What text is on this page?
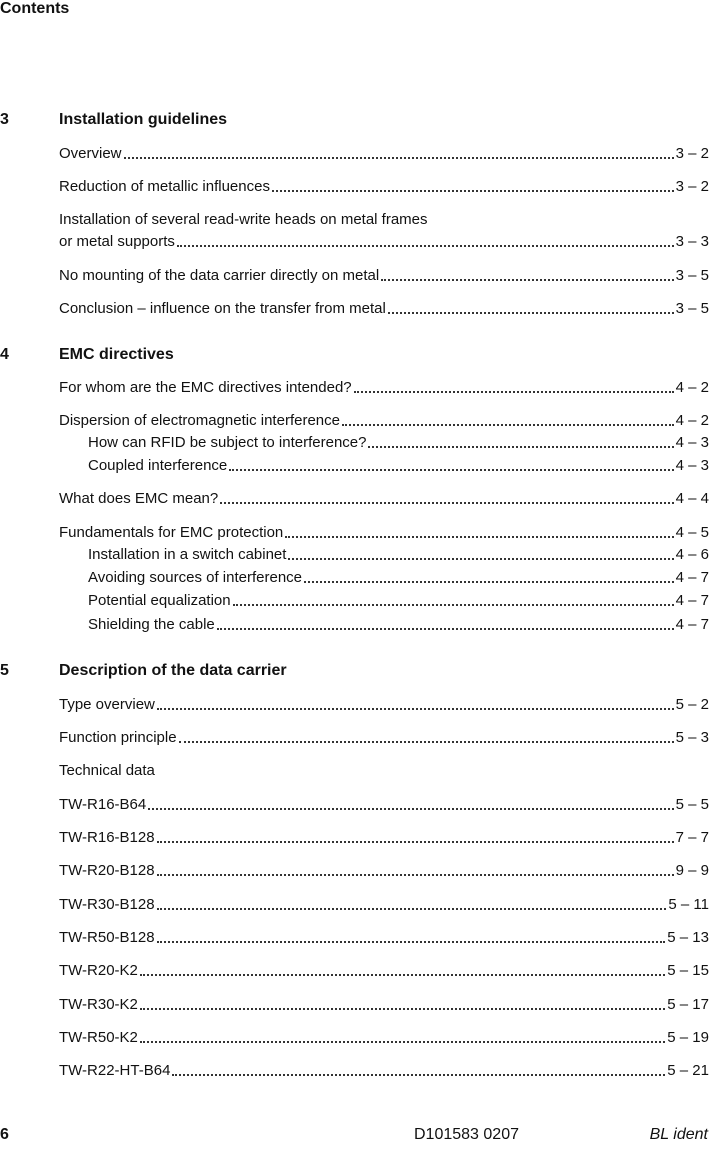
Contents
3	Installation guidelines
Overview	3 – 2
Reduction of metallic influences	3 – 2
Installation of several read-write heads on metal frames
or metal supports	3 – 3
No mounting of the data carrier directly on metal	3 – 5
Conclusion – influence on the transfer from metal	3 – 5
4	EMC directives
For whom are the EMC directives intended?	4 – 2
Dispersion of electromagnetic interference	4 – 2
How can RFID be subject to interference?	4 – 3
Coupled interference	4 – 3
What does EMC mean?	4 – 4
Fundamentals for EMC protection	4 – 5
Installation in a switch cabinet	4 – 6
Avoiding sources of interference	4 – 7
Potential equalization	4 – 7
Shielding the cable	4 – 7
5	Description of the data carrier
Type overview	5 – 2
Function principle	5 – 3
Technical data
TW-R16-B64	5 – 5
TW-R16-B128	7 – 7
TW-R20-B128	9 – 9
TW-R30-B128	5 – 11
TW-R50-B128	5 – 13
TW-R20-K2	5 – 15
TW-R30-K2	5 – 17
TW-R50-K2	5 – 19
TW-R22-HT-B64	5 – 21
6	D101583 0207	BL ident
